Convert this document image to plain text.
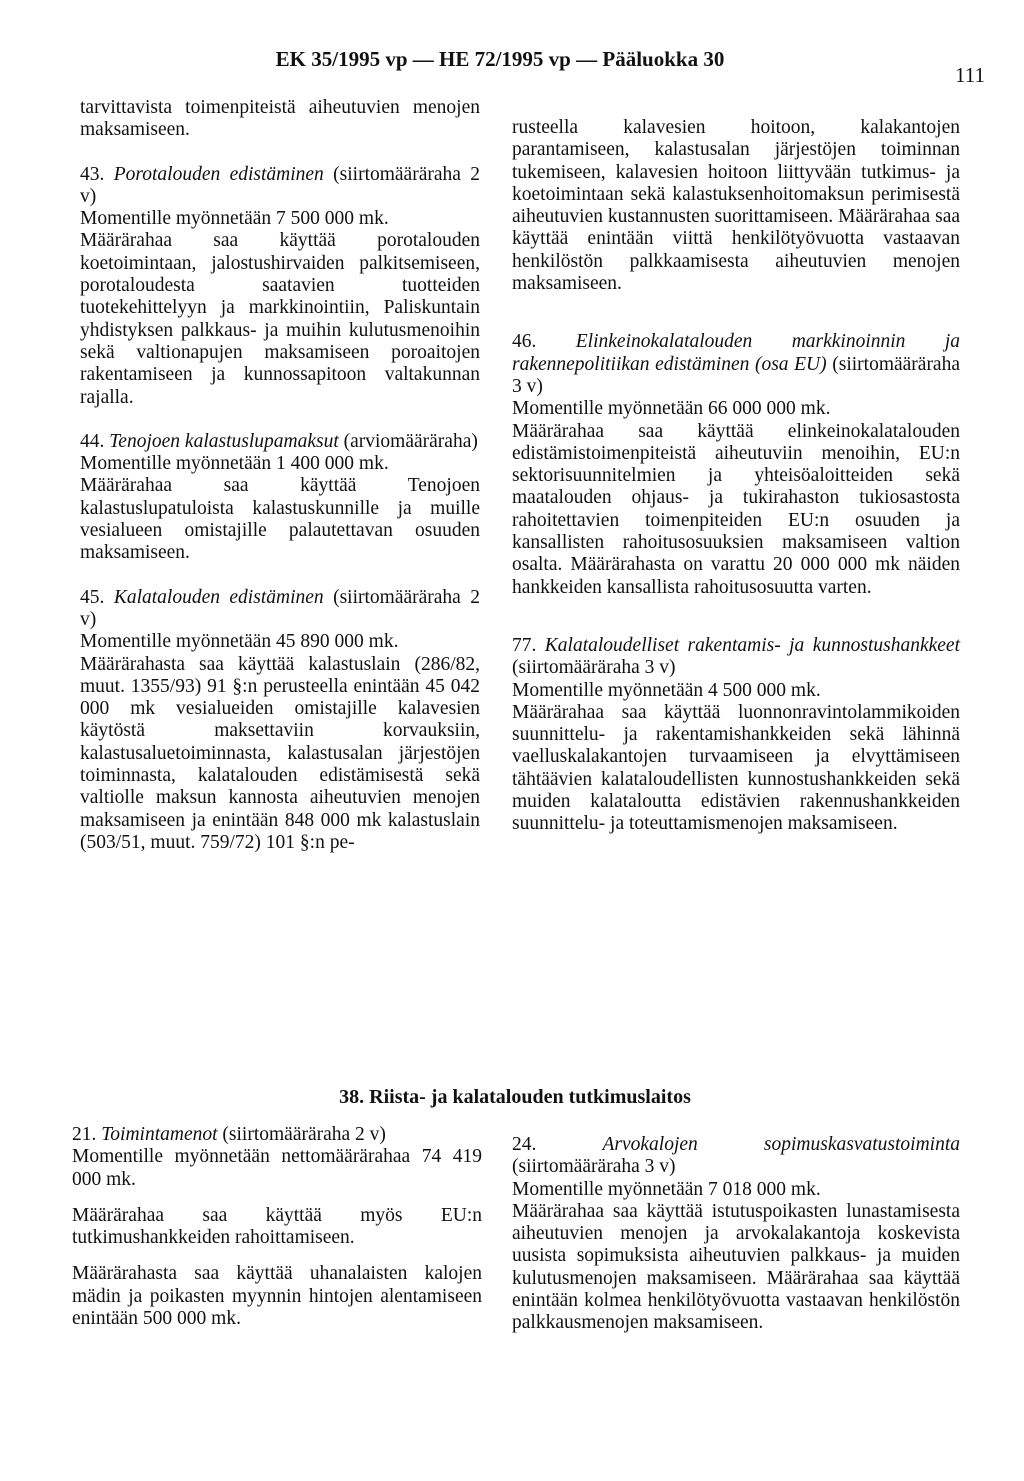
EK 35/1995 vp — HE 72/1995 vp — Pääluokka 30
111

tarvittavista toimenpiteistä aiheutuvien menojen maksamiseen.

43. Porotalouden edistäminen (siirtomääräraha 2 v)

Momentille myönnetään 7 500 000 mk.

Määrärahaa saa käyttää porotalouden koetoimintaan, jalostushirvaiden palkitsemiseen, porotaloudesta saatavien tuotteiden tuotekehittelyyn ja markkinointiin, Paliskuntain yhdistyksen palkkaus- ja muihin kulutusmenoihin sekä valtionapujen maksamiseen poroaitojen rakentamiseen ja kunnossapitoon valtakunnan rajalla.

44. Tenojoen kalastuslupamaksut (arviomääräraha)

Momentille myönnetään 1 400 000 mk.

Määrärahaa saa käyttää Tenojoen kalastuslupatuloista kalastuskunnille ja muille vesialueen omistajille palautettavan osuuden maksamiseen.

45. Kalatalouden edistäminen (siirtomääräraha 2 v)

Momentille myönnetään 45 890 000 mk.

Määrärahasta saa käyttää kalastuslain (286/82, muut. 1355/93) 91 §:n perusteella enintään 45 042 000 mk vesialueiden omistajille kalavesien käytöstä maksettaviin korvauksiin, kalastusaluetoiminnasta, kalastusalan järjestöjen toiminnasta, kalatalouden edistämisestä sekä valtiolle maksun kannosta aiheutuvien menojen maksamiseen ja enintään 848 000 mk kalastuslain (503/51, muut. 759/72) 101 §:n pe-

rusteella kalavesien hoitoon, kalakantojen parantamiseen, kalastusalan järjestöjen toiminnan tukemiseen, kalavesien hoitoon liittyvään tutkimus- ja koetoimintaan sekä kalastuksenhoitomaksun perimisestä aiheutuvien kustannusten suorittamiseen. Määrärahaa saa käyttää enintään viittä henkilötyövuotta vastaavan henkilöstön palkkaamisesta aiheutuvien menojen maksamiseen.

46. Elinkeinokalatalouden markkinoinnin ja rakennepolitiikan edistäminen (osa EU) (siirtomääräraha 3 v)

Momentille myönnetään 66 000 000 mk.

Määrärahaa saa käyttää elinkeinokalatalouden edistämistoimenpiteistä aiheutuviin menoihin, EU:n sektorisuunnitelmien ja yhteisöaloitteiden sekä maatalouden ohjaus- ja tukirahaston tukiosastosta rahoitettavien toimenpiteiden EU:n osuuden ja kansallisten rahoitusosuuksien maksamiseen valtion osalta. Määrärahasta on varattu 20 000 000 mk näiden hankkeiden kansallista rahoitusosuutta varten.

77. Kalataloudelliset rakentamis- ja kunnostushankkeet (siirtomääräraha 3 v)

Momentille myönnetään 4 500 000 mk.

Määrärahaa saa käyttää luonnonravintolammikoiden suunnittelu- ja rakentamishankkeiden sekä lähinnä vaelluskalakantojen turvaamiseen ja elvyttämiseen tähtäävien kalataloudellisten kunnostushankkeiden sekä muiden kalataloutta edistävien rakennushankkeiden suunnittelu- ja toteuttamismenojen maksamiseen.

38. Riista- ja kalatalouden tutkimuslaitos

21. Toimintamenot (siirtomääräraha 2 v)

Momentille myönnetään nettomäärärahaa 74 419 000 mk.

Määrärahaa saa käyttää myös EU:n tutkimushankkeiden rahoittamiseen.

Määrärahasta saa käyttää uhanalaisten kalojen mädin ja poikasten myynnin hintojen alentamiseen enintään 500 000 mk.

24.	Arvokalojen sopimuskasvatustoiminta (siirtomääräraha 3 v)

Momentille myönnetään 7 018 000 mk.

Määrärahaa saa käyttää istutuspoikasten lunastamisesta aiheutuvien menojen ja arvokalakantoja koskevista uusista sopimuksista aiheutuvien palkkaus- ja muiden kulutusmenojen maksamiseen. Määrärahaa saa käyttää enintään kolmea henkilötyövuotta vastaavan henkilöstön palkkausmenojen maksamiseen.
